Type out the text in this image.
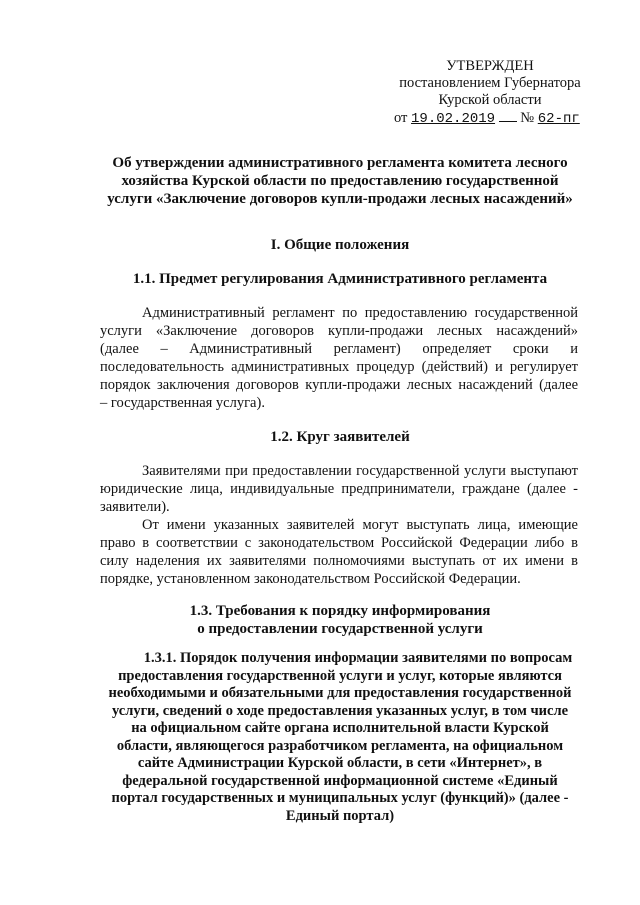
УТВЕРЖДЕН
постановлением Губернатора
Курской области
от 19.02.2019 № 62-пг
Об утверждении административного регламента комитета лесного
хозяйства Курской области по предоставлению государственной
услуги «Заключение договоров купли-продажи лесных насаждений»
I. Общие положения
1.1. Предмет регулирования Административного регламента
Административный регламент по предоставлению государственной
услуги «Заключение договоров купли-продажи лесных насаждений»
(далее – Административный регламент) определяет сроки и
последовательность административных процедур (действий) и регулирует
порядок заключения договоров купли-продажи лесных насаждений (далее
– государственная услуга).
1.2. Круг заявителей
Заявителями при предоставлении государственной услуги выступают
юридические лица, индивидуальные предприниматели, граждане (далее -
заявители).
От имени указанных заявителей могут выступать лица, имеющие
право в соответствии с законодательством Российской Федерации либо в
силу наделения их заявителями полномочиями выступать от их имени в
порядке, установленном законодательством Российской Федерации.
1.3. Требования к порядку информирования
о предоставлении государственной услуги
1.3.1. Порядок получения информации заявителями по вопросам
предоставления государственной услуги и услуг, которые являются
необходимыми и обязательными для предоставления государственной
услуги, сведений о ходе предоставления указанных услуг, в том числе
на официальном сайте органа исполнительной власти Курской
области, являющегося разработчиком регламента, на официальном
сайте Администрации Курской области, в сети «Интернет», в
федеральной государственной информационной системе «Единый
портал государственных и муниципальных услуг (функций)» (далее -
Единый портал)
